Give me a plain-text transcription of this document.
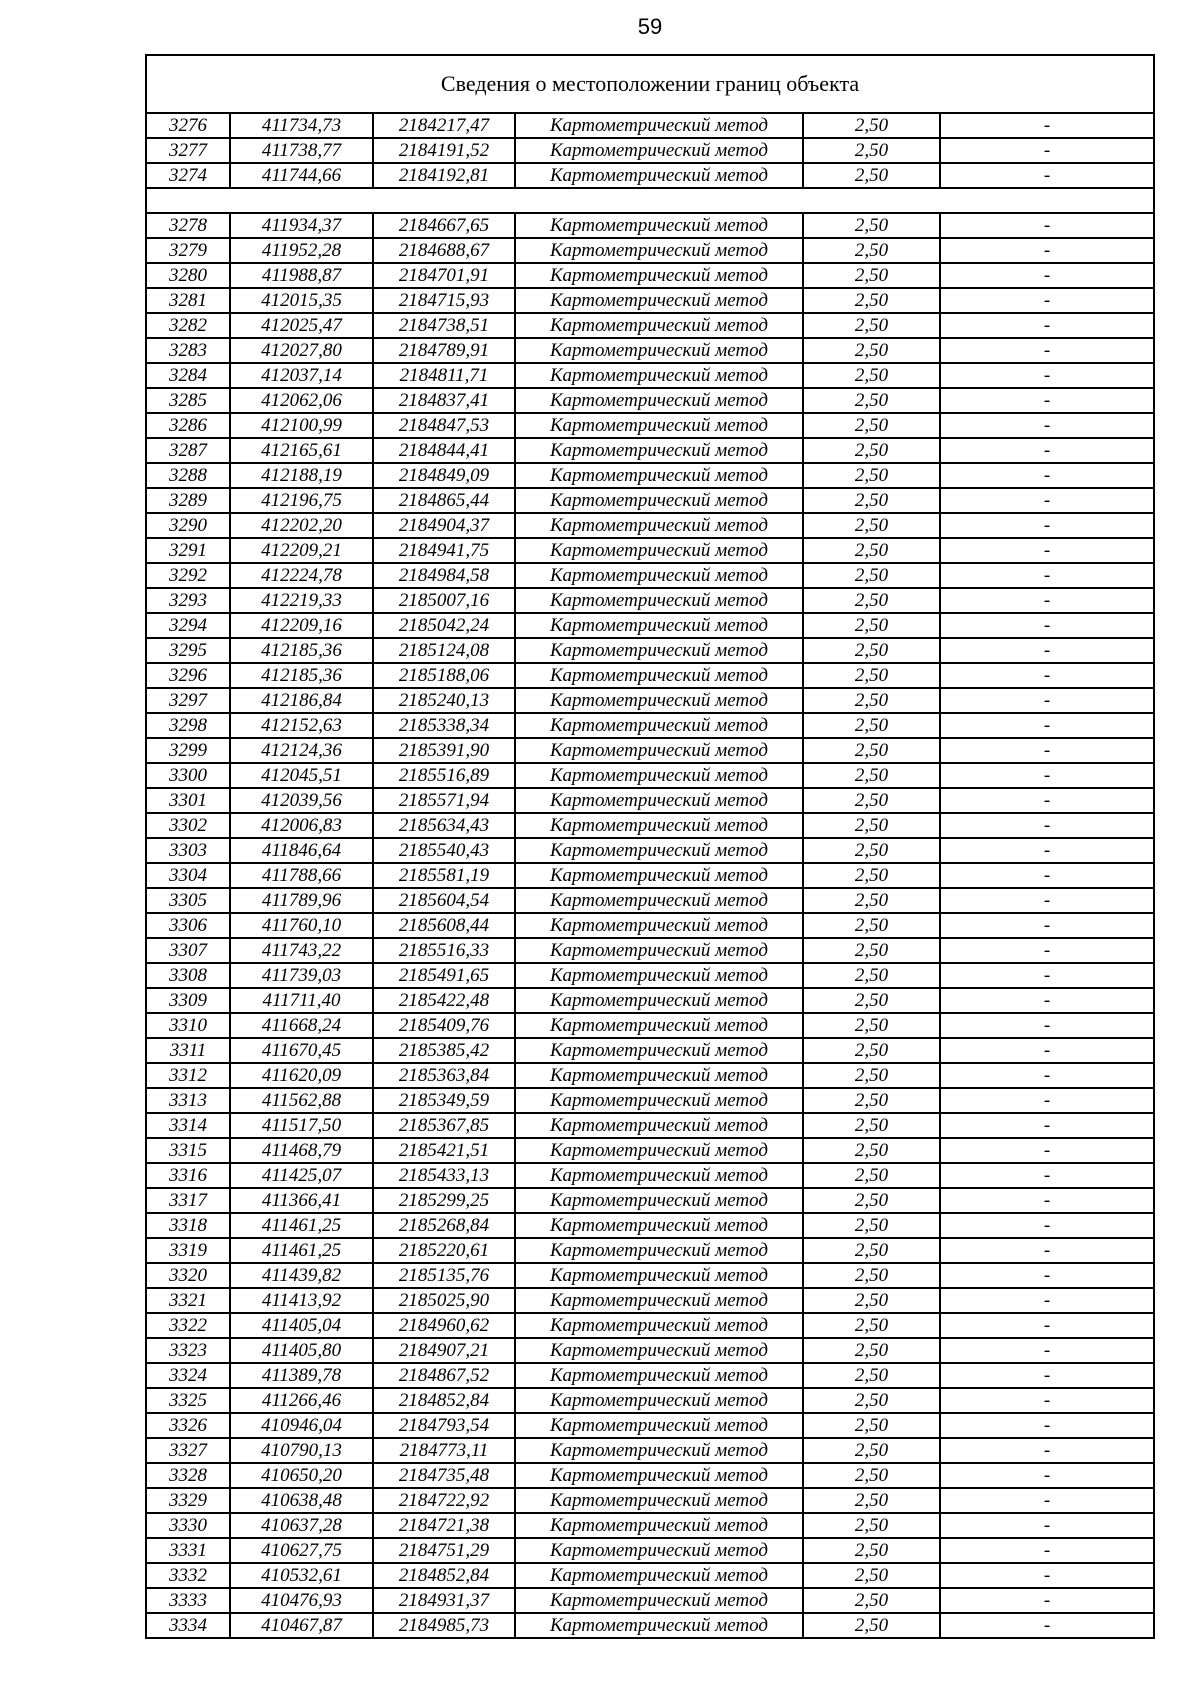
59
Сведения о местоположении границ объекта					
3276	411734,73	2184217,47	Картометрический метод	2,50	-
3277	411738,77	2184191,52	Картометрический метод	2,50	-
3274	411744,66	2184192,81	Картометрический метод	2,50	-

3278	411934,37	2184667,65	Картометрический метод	2,50	-
3279	411952,28	2184688,67	Картометрический метод	2,50	-
3280	411988,87	2184701,91	Картометрический метод	2,50	-
3281	412015,35	2184715,93	Картометрический метод	2,50	-
3282	412025,47	2184738,51	Картометрический метод	2,50	-
3283	412027,80	2184789,91	Картометрический метод	2,50	-
3284	412037,14	2184811,71	Картометрический метод	2,50	-
3285	412062,06	2184837,41	Картометрический метод	2,50	-
3286	412100,99	2184847,53	Картометрический метод	2,50	-
3287	412165,61	2184844,41	Картометрический метод	2,50	-
3288	412188,19	2184849,09	Картометрический метод	2,50	-
3289	412196,75	2184865,44	Картометрический метод	2,50	-
3290	412202,20	2184904,37	Картометрический метод	2,50	-
3291	412209,21	2184941,75	Картометрический метод	2,50	-
3292	412224,78	2184984,58	Картометрический метод	2,50	-
3293	412219,33	2185007,16	Картометрический метод	2,50	-
3294	412209,16	2185042,24	Картометрический метод	2,50	-
3295	412185,36	2185124,08	Картометрический метод	2,50	-
3296	412185,36	2185188,06	Картометрический метод	2,50	-
3297	412186,84	2185240,13	Картометрический метод	2,50	-
3298	412152,63	2185338,34	Картометрический метод	2,50	-
3299	412124,36	2185391,90	Картометрический метод	2,50	-
3300	412045,51	2185516,89	Картометрический метод	2,50	-
3301	412039,56	2185571,94	Картометрический метод	2,50	-
3302	412006,83	2185634,43	Картометрический метод	2,50	-
3303	411846,64	2185540,43	Картометрический метод	2,50	-
3304	411788,66	2185581,19	Картометрический метод	2,50	-
3305	411789,96	2185604,54	Картометрический метод	2,50	-
3306	411760,10	2185608,44	Картометрический метод	2,50	-
3307	411743,22	2185516,33	Картометрический метод	2,50	-
3308	411739,03	2185491,65	Картометрический метод	2,50	-
3309	411711,40	2185422,48	Картометрический метод	2,50	-
3310	411668,24	2185409,76	Картометрический метод	2,50	-
3311	411670,45	2185385,42	Картометрический метод	2,50	-
3312	411620,09	2185363,84	Картометрический метод	2,50	-
3313	411562,88	2185349,59	Картометрический метод	2,50	-
3314	411517,50	2185367,85	Картометрический метод	2,50	-
3315	411468,79	2185421,51	Картометрический метод	2,50	-
3316	411425,07	2185433,13	Картометрический метод	2,50	-
3317	411366,41	2185299,25	Картометрический метод	2,50	-
3318	411461,25	2185268,84	Картометрический метод	2,50	-
3319	411461,25	2185220,61	Картометрический метод	2,50	-
3320	411439,82	2185135,76	Картометрический метод	2,50	-
3321	411413,92	2185025,90	Картометрический метод	2,50	-
3322	411405,04	2184960,62	Картометрический метод	2,50	-
3323	411405,80	2184907,21	Картометрический метод	2,50	-
3324	411389,78	2184867,52	Картометрический метод	2,50	-
3325	411266,46	2184852,84	Картометрический метод	2,50	-
3326	410946,04	2184793,54	Картометрический метод	2,50	-
3327	410790,13	2184773,11	Картометрический метод	2,50	-
3328	410650,20	2184735,48	Картометрический метод	2,50	-
3329	410638,48	2184722,92	Картометрический метод	2,50	-
3330	410637,28	2184721,38	Картометрический метод	2,50	-
3331	410627,75	2184751,29	Картометрический метод	2,50	-
3332	410532,61	2184852,84	Картометрический метод	2,50	-
3333	410476,93	2184931,37	Картометрический метод	2,50	-
3334	410467,87	2184985,73	Картометрический метод	2,50	-
